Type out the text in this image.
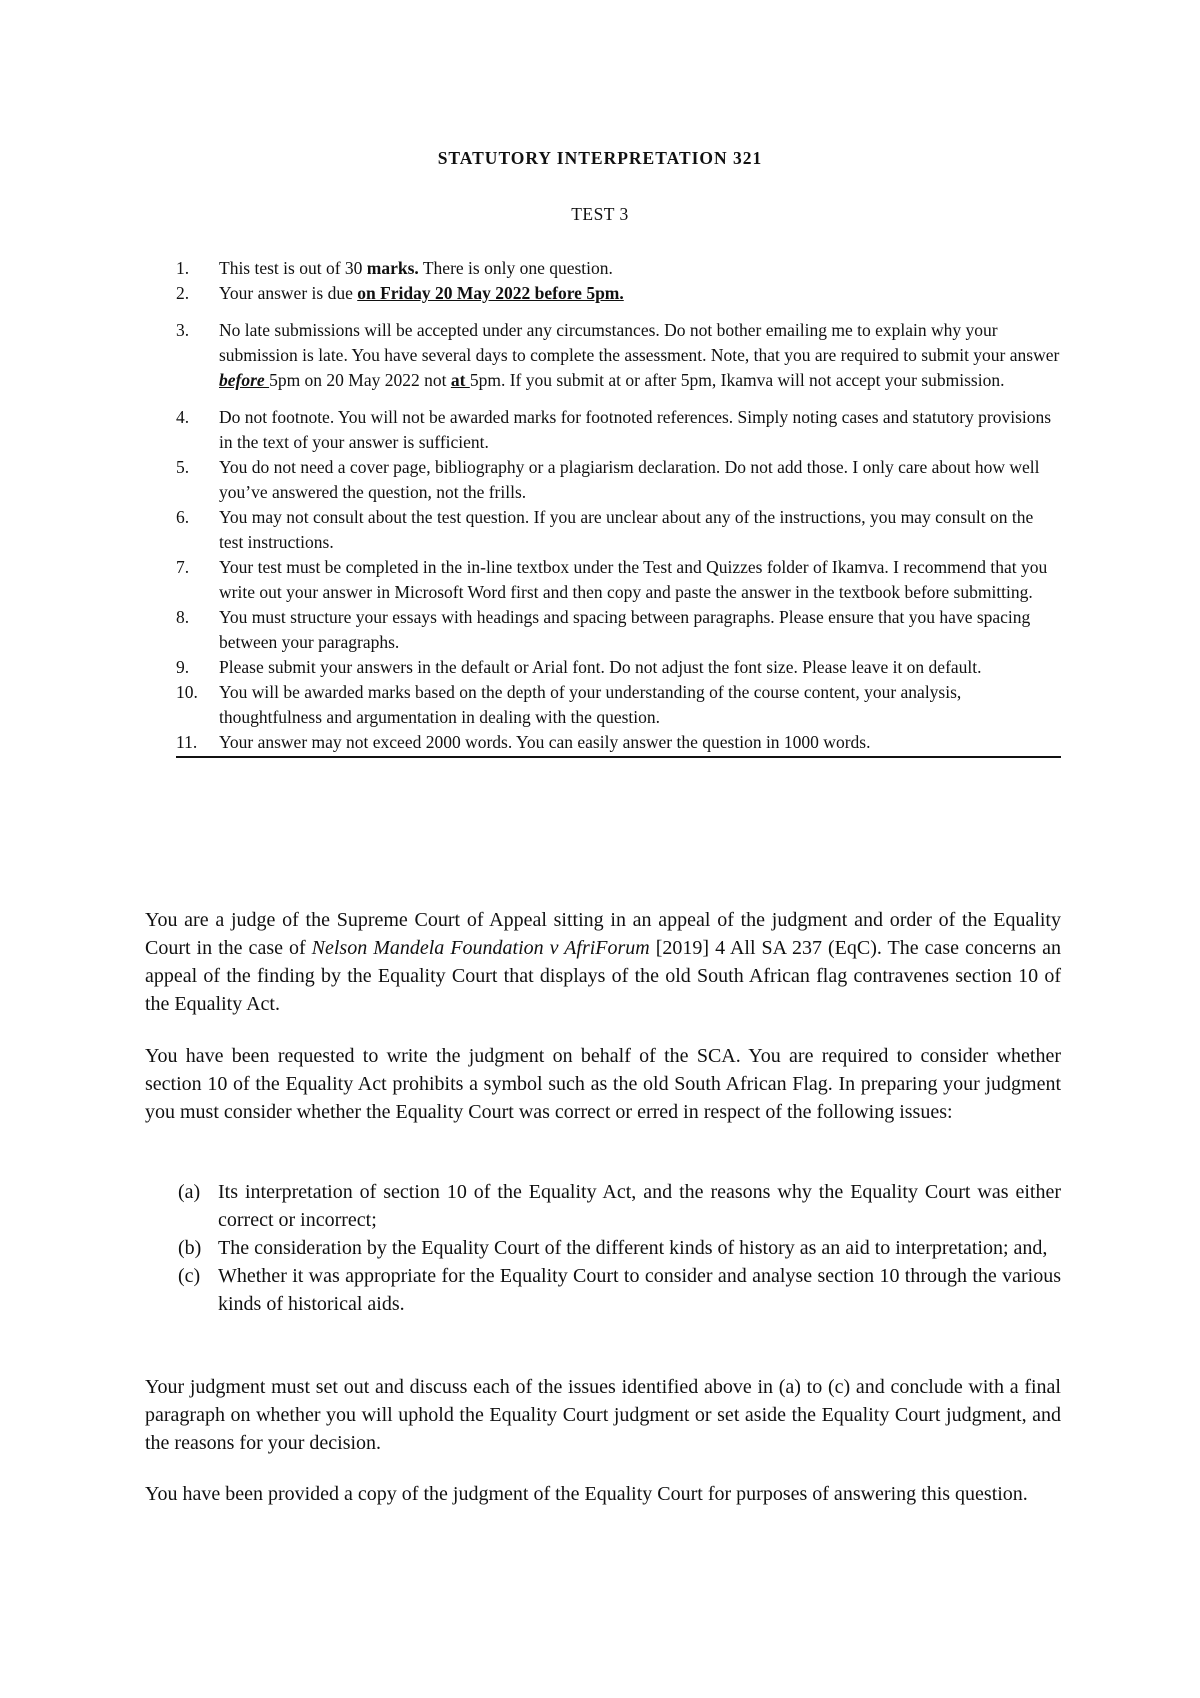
STATUTORY INTERPRETATION 321
TEST 3
1.	This test is out of 30 marks. There is only one question.
2.	Your answer is due on Friday 20 May 2022 before 5pm.
3.	No late submissions will be accepted under any circumstances. Do not bother emailing me to explain why your submission is late. You have several days to complete the assessment. Note, that you are required to submit your answer before 5pm on 20 May 2022 not at 5pm. If you submit at or after 5pm, Ikamva will not accept your submission.
4.	Do not footnote. You will not be awarded marks for footnoted references. Simply noting cases and statutory provisions in the text of your answer is sufficient.
5.	You do not need a cover page, bibliography or a plagiarism declaration. Do not add those. I only care about how well you’ve answered the question, not the frills.
6.	You may not consult about the test question. If you are unclear about any of the instructions, you may consult on the test instructions.
7.	Your test must be completed in the in-line textbox under the Test and Quizzes folder of Ikamva. I recommend that you write out your answer in Microsoft Word first and then copy and paste the answer in the textbook before submitting.
8.	You must structure your essays with headings and spacing between paragraphs. Please ensure that you have spacing between your paragraphs.
9.	Please submit your answers in the default or Arial font. Do not adjust the font size. Please leave it on default.
10.	You will be awarded marks based on the depth of your understanding of the course content, your analysis, thoughtfulness and argumentation in dealing with the question.
11.	Your answer may not exceed 2000 words. You can easily answer the question in 1000 words.

You are a judge of the Supreme Court of Appeal sitting in an appeal of the judgment and order of the Equality Court in the case of Nelson Mandela Foundation v AfriForum [2019] 4 All SA 237 (EqC). The case concerns an appeal of the finding by the Equality Court that displays of the old South African flag contravenes section 10 of the Equality Act.

You have been requested to write the judgment on behalf of the SCA. You are required to consider whether section 10 of the Equality Act prohibits a symbol such as the old South African Flag. In preparing your judgment you must consider whether the Equality Court was correct or erred in respect of the following issues:

(a) Its interpretation of section 10 of the Equality Act, and the reasons why the Equality Court was either correct or incorrect;
(b) The consideration by the Equality Court of the different kinds of history as an aid to interpretation; and,
(c) Whether it was appropriate for the Equality Court to consider and analyse section 10 through the various kinds of historical aids.

Your judgment must set out and discuss each of the issues identified above in (a) to (c) and conclude with a final paragraph on whether you will uphold the Equality Court judgment or set aside the Equality Court judgment, and the reasons for your decision.

You have been provided a copy of the judgment of the Equality Court for purposes of answering this question.
